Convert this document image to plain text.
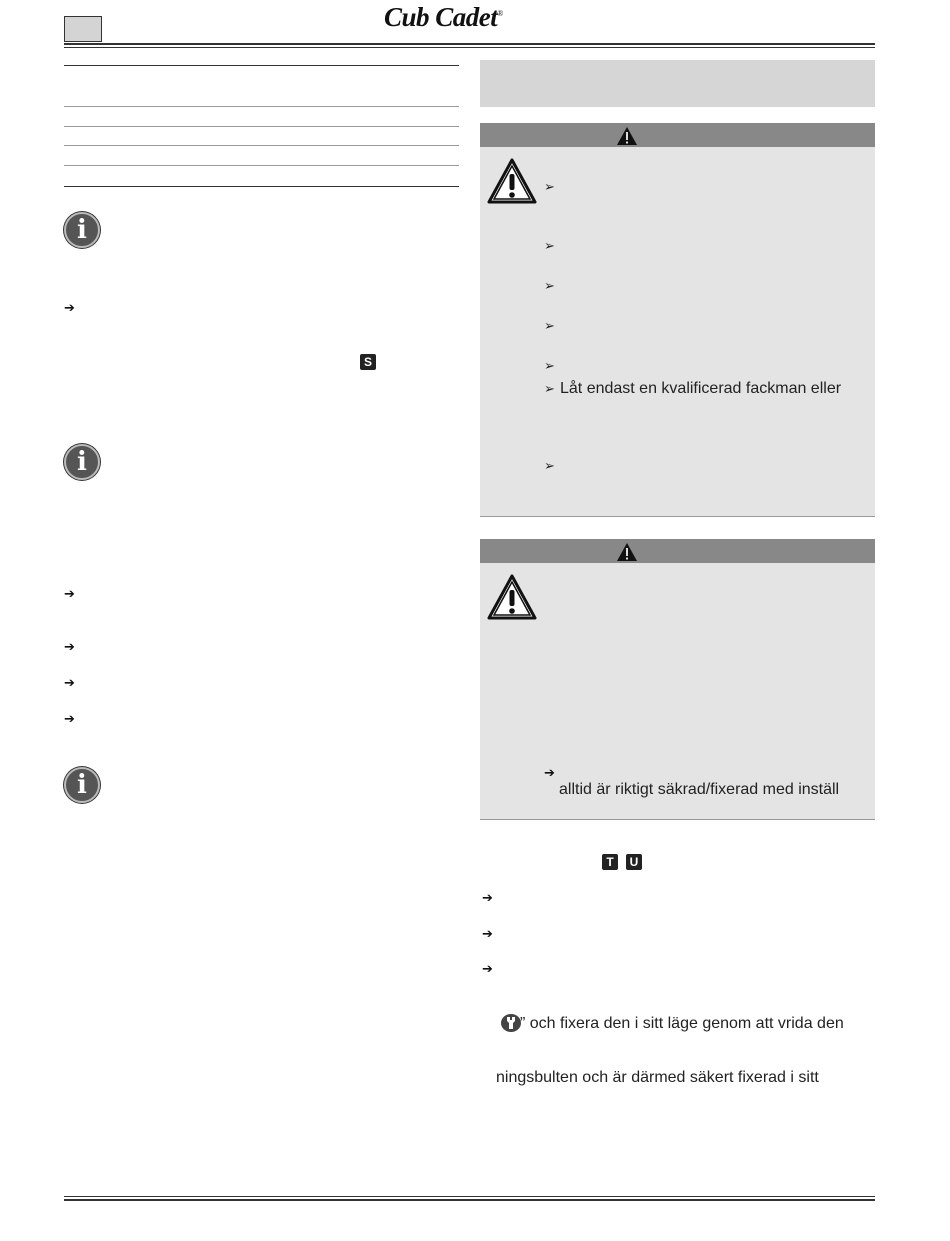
Cub Cadet®
i
➔
S
i
➔
➔
➔
➔
i
➢
➢
➢
➢
➢
➢ Låt endast en kvalificerad fackman eller
➢
➔
alltid är riktigt säkrad/fixerad med inställ
T	U
➔
➔
➔
” och fixera den i sitt läge genom att vrida den
ningsbulten och är därmed säkert fixerad i sitt
